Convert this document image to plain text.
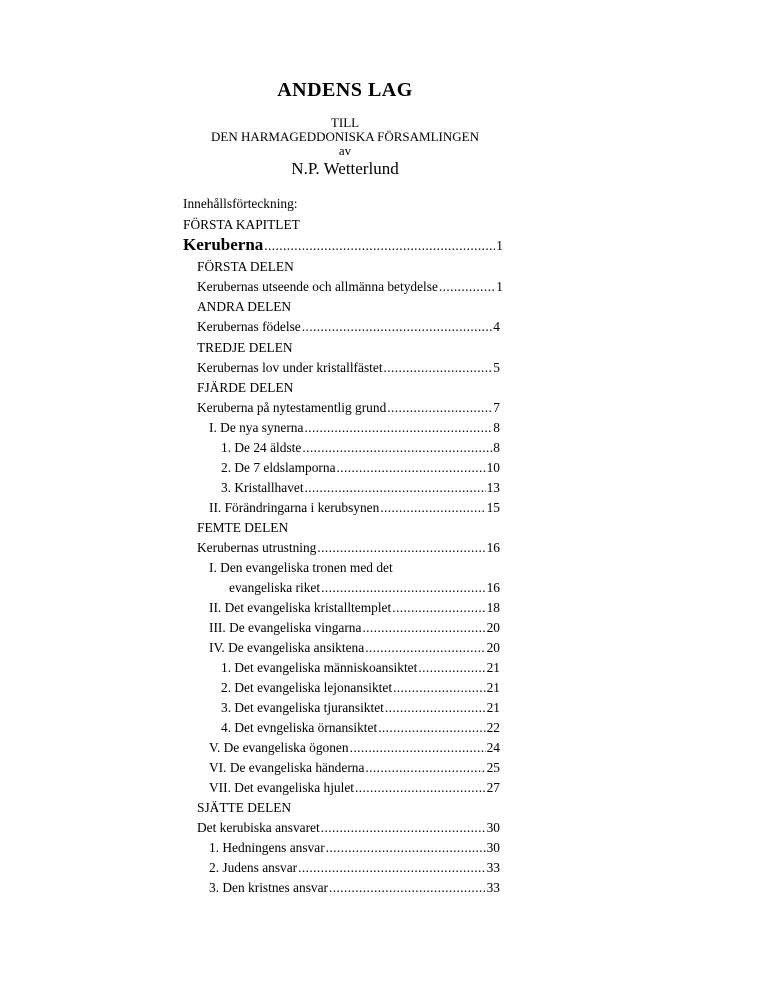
ANDENS LAG
TILL
DEN HARMAGEDDONISKA FÖRSAMLINGEN
av
N.P. Wetterlund
Innehållsförteckning:
FÖRSTA KAPITLET
Keruberna .....	1
FÖRSTA DELEN
Kerubernas utseende och allmänna betydelse .....	1
ANDRA DELEN
Kerubernas födelse .....	4
TREDJE DELEN
Kerubernas lov under kristallfästet .....	5
FJÄRDE DELEN
Keruberna på nytestamentlig grund .....	7
I. De nya synerna .....	8
1. De 24 äldste .....	8
2. De 7 eldslamporna .....	10
3. Kristallhavet .....	13
II. Förändringarna i kerubsynen .....	15
FEMTE DELEN
Kerubernas utrustning .....	16
I. Den evangeliska tronen med det
evangeliska riket .....	16
II. Det evangeliska kristalltemplet .....	18
III. De evangeliska vingarna .....	20
IV. De evangeliska ansiktena .....	20
1. Det evangeliska människoansiktet .....	21
2. Det evangeliska lejonansiktet .....	21
3. Det evangeliska tjuransiktet .....	21
4. Det evngeliska örnansiktet .....	22
V. De evangeliska ögonen .....	24
VI. De evangeliska händerna .....	25
VII. Det evangeliska hjulet .....	27
SJÄTTE DELEN
Det kerubiska ansvaret .....	30
1. Hedningens ansvar .....	30
2. Judens ansvar .....	33
3. Den kristnes ansvar .....	33
